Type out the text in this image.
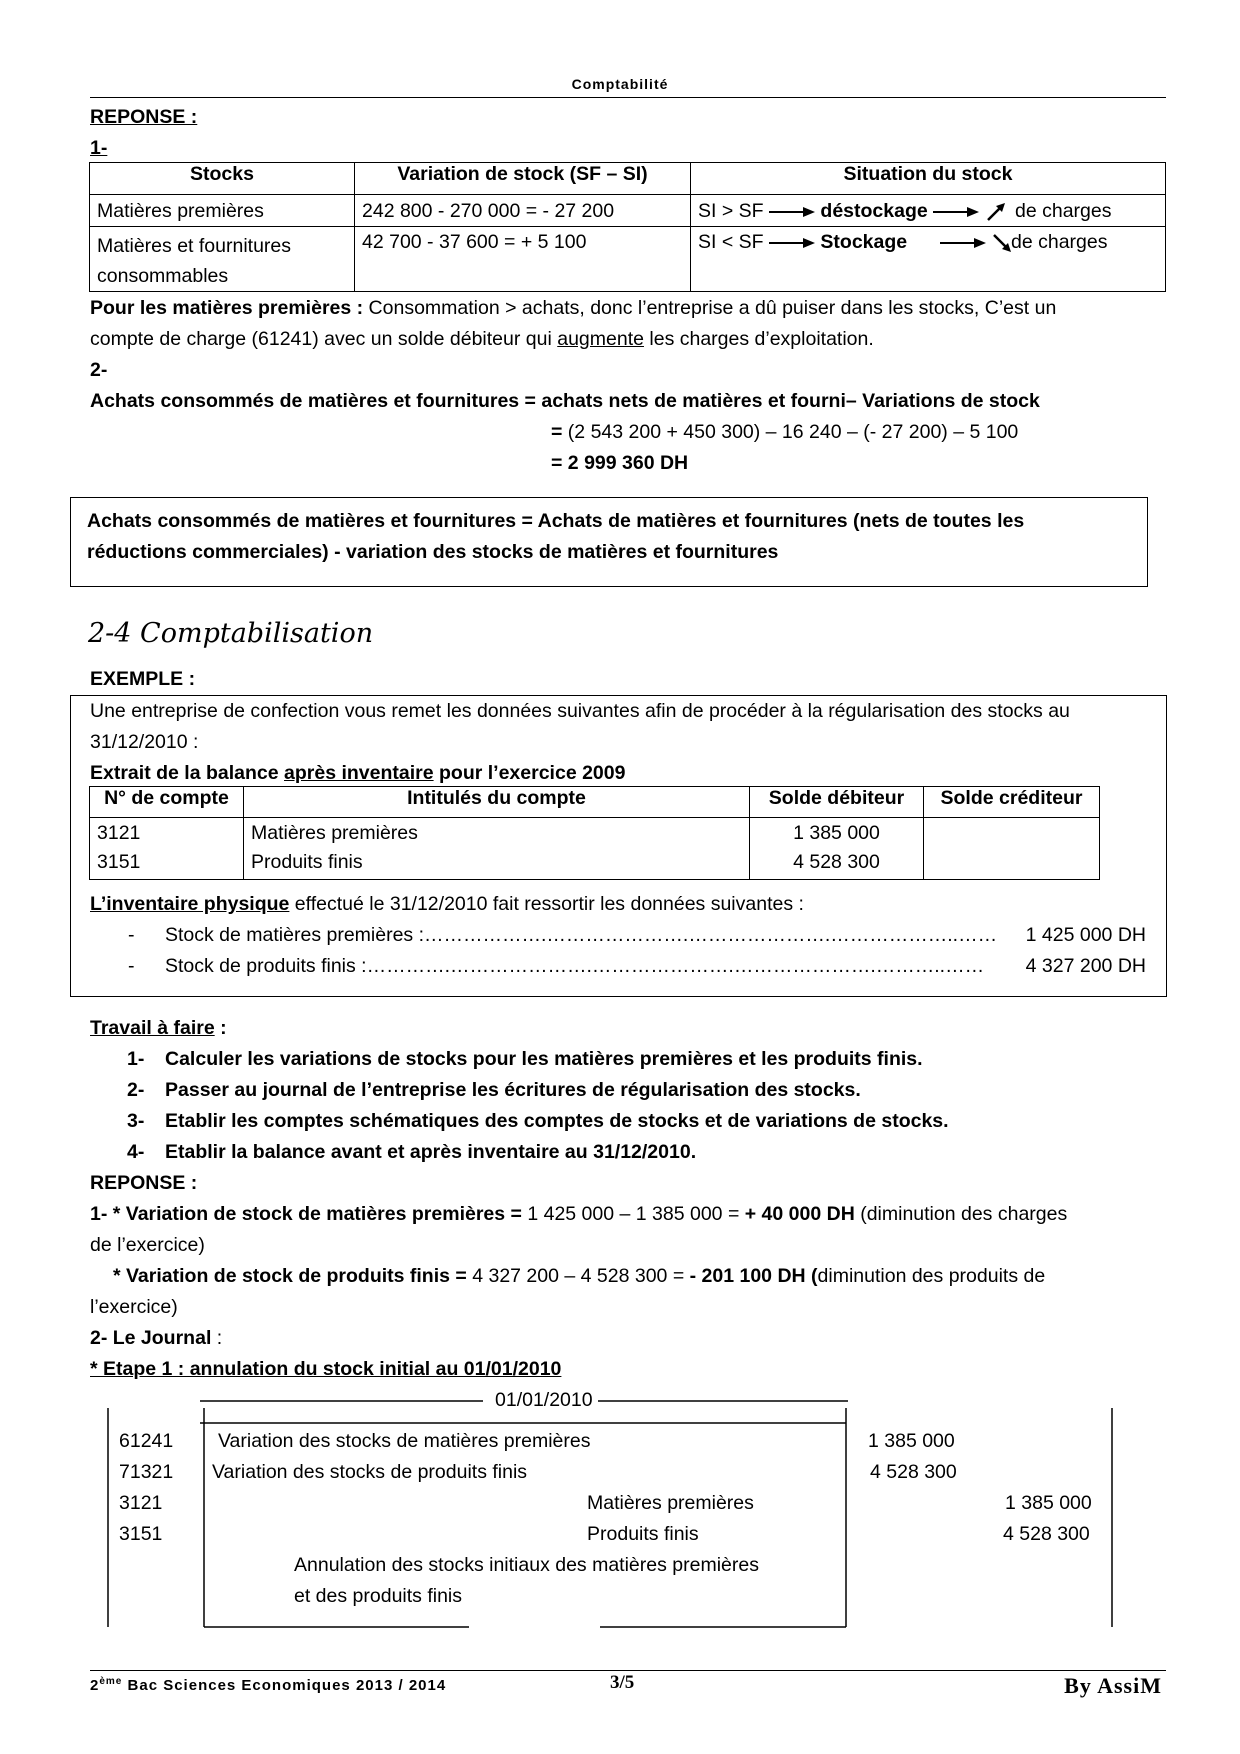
Comptabilité
REPONSE :
1-
Stocks	Variation de stock (SF – SI)	Situation du stock
Matières premières	242 800 - 270 000 = - 27 200	SI > SF déstockage de charges

Matières et fournitures consommables	42 700 - 37 600 = + 5 100	SI < SF Stockage de charges
Pour les matières premières : Consommation > achats, donc l’entreprise a dû puiser dans les stocks, C’est un
compte de charge (61241) avec un solde débiteur qui augmente les charges d’exploitation.
2-
Achats consommés de matières et fournitures = achats nets de matières et fourni– Variations de stock
= (2 543 200 + 450 300) – 16 240 – (- 27 200) – 5 100
= 2 999 360 DH
Achats consommés de matières et fournitures = Achats de matières et fournitures (nets de toutes les
réductions commerciales) - variation des stocks de matières et fournitures
2-4 Comptabilisation
EXEMPLE :
Une entreprise de confection vous remet les données suivantes afin de procéder à la régularisation des stocks au
31/12/2010 :
Extrait de la balance après inventaire pour l’exercice 2009
N° de compte	Intitulés du compte	Solde débiteur	Solde créditeur
3121	Matières premières	1 385 000	
3151	Produits finis	4 528 300	
L’inventaire physique effectué le 31/12/2010 fait ressortir les données suivantes :
- Stock de matières premières :……………….………………….………………….………………..…… 1 425 000 DH
- Stock de produits finis :………….………………….………………….………………….………..…… 4 327 200 DH
Travail à faire :
1- Calculer les variations de stocks pour les matières premières et les produits finis.
2- Passer au journal de l’entreprise les écritures de régularisation des stocks.
3- Etablir les comptes schématiques des comptes de stocks et de variations de stocks.
4- Etablir la balance avant et après inventaire au 31/12/2010.
REPONSE :
1- * Variation de stock de matières premières = 1 425 000 – 1 385 000 = + 40 000 DH (diminution des charges
de l’exercice)
* Variation de stock de produits finis = 4 327 200 – 4 528 300 = - 201 100 DH (diminution des produits de
l’exercice)
2- Le Journal :
* Etape 1 : annulation du stock initial au 01/01/2010
01/01/2010
61241 Variation des stocks de matières premières	1 385 000
71321 Variation des stocks de produits finis	4 528 300
3121	Matières premières	1 385 000
3151	Produits finis	4 528 300
Annulation des stocks initiaux des matières premières
et des produits finis
2ème Bac Sciences Economiques 2013 / 2014	3/5	By AssiM
